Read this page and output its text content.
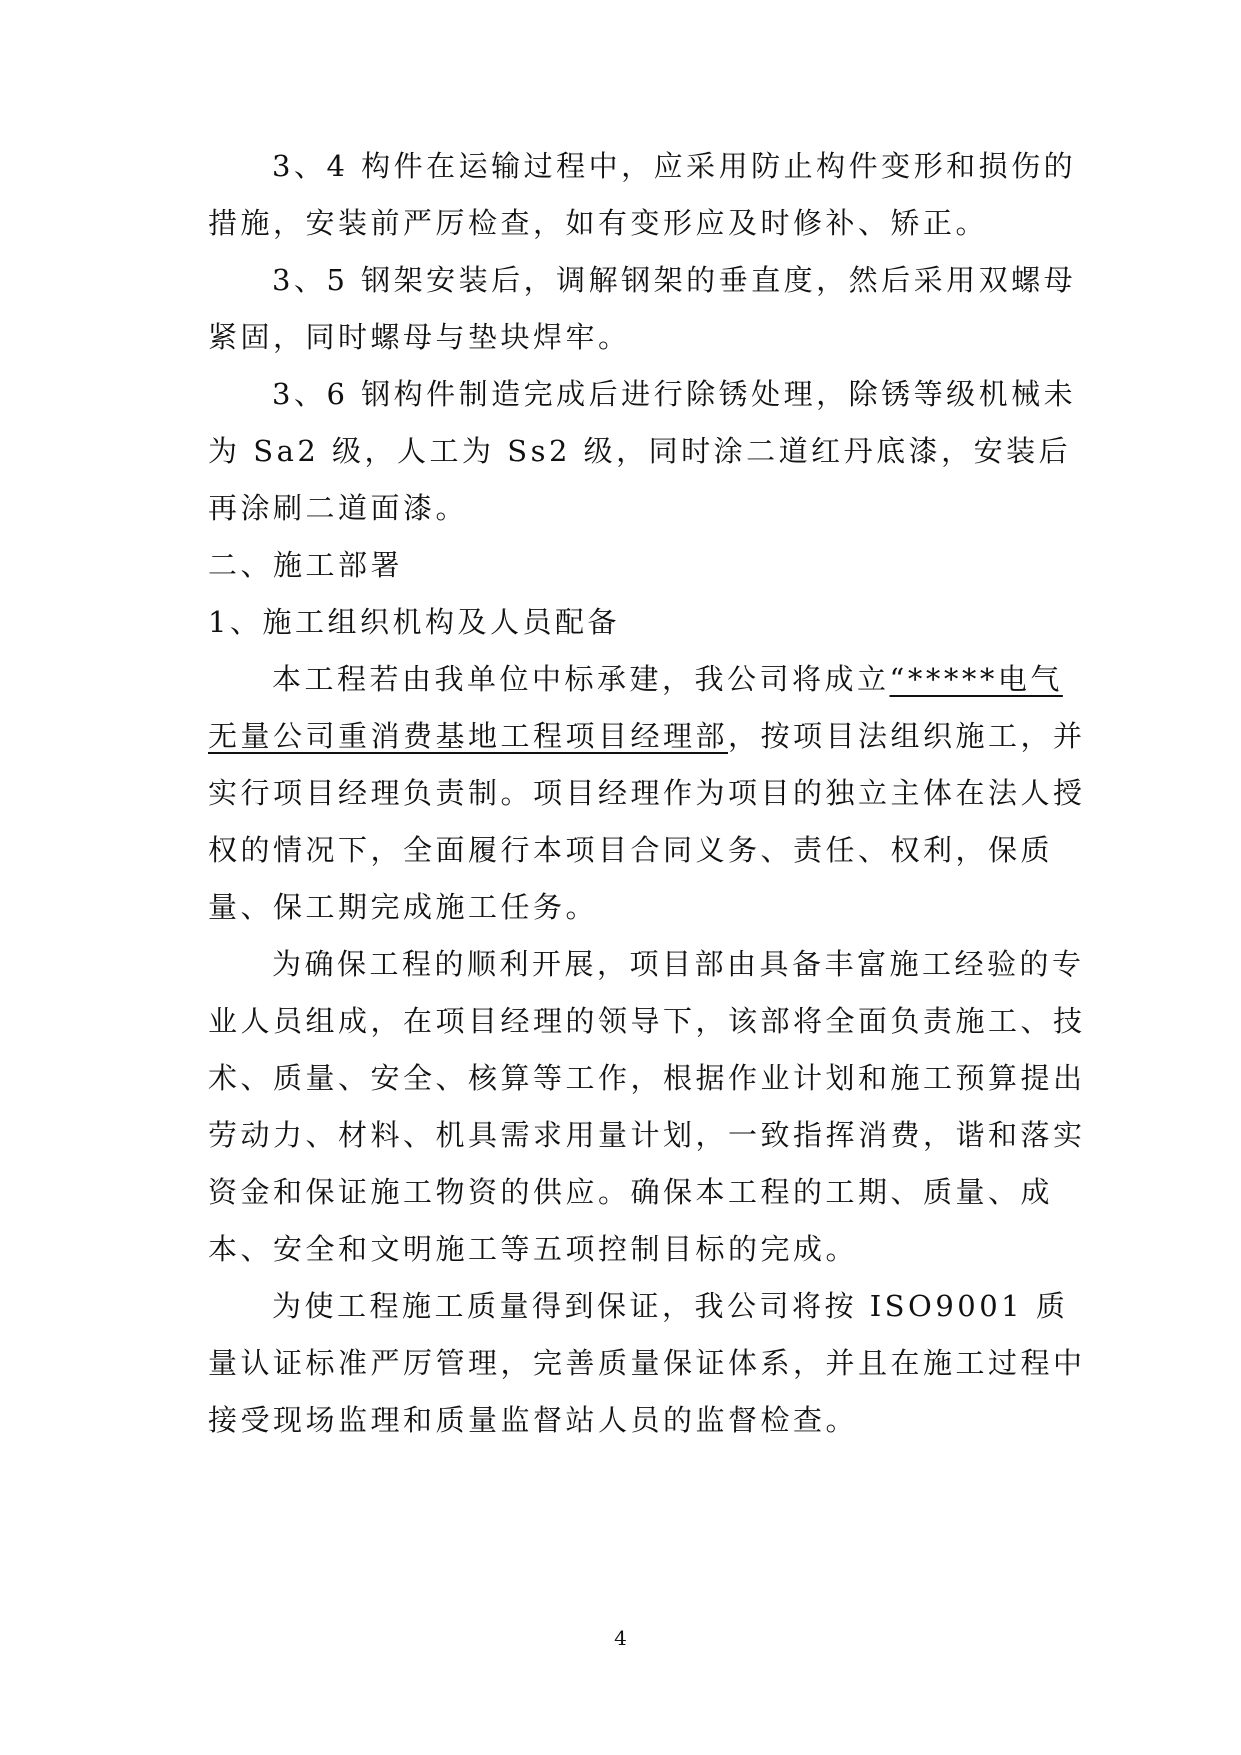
3、4 构件在运输过程中，应采用防止构件变形和损伤的措施，安装前严厉检查，如有变形应及时修补、矫正。

3、5 钢架安装后，调解钢架的垂直度，然后采用双螺母紧固，同时螺母与垫块焊牢。

3、6 钢构件制造完成后进行除锈处理，除锈等级机械未为 Sa2 级，人工为 Ss2 级，同时涂二道红丹底漆，安装后再涂刷二道面漆。

二、施工部署

1、施工组织机构及人员配备

本工程若由我单位中标承建，我公司将成立“*****电气无量公司重消费基地工程项目经理部，按项目法组织施工，并实行项目经理负责制。项目经理作为项目的独立主体在法人授权的情况下，全面履行本项目合同义务、责任、权利，保质量、保工期完成施工任务。

为确保工程的顺利开展，项目部由具备丰富施工经验的专业人员组成，在项目经理的领导下，该部将全面负责施工、技术、质量、安全、核算等工作，根据作业计划和施工预算提出劳动力、材料、机具需求用量计划，一致指挥消费，谐和落实资金和保证施工物资的供应。确保本工程的工期、质量、成本、安全和文明施工等五项控制目标的完成。

为使工程施工质量得到保证，我公司将按 ISO9001 质量认证标准严厉管理，完善质量保证体系，并且在施工过程中接受现场监理和质量监督站人员的监督检查。

4
